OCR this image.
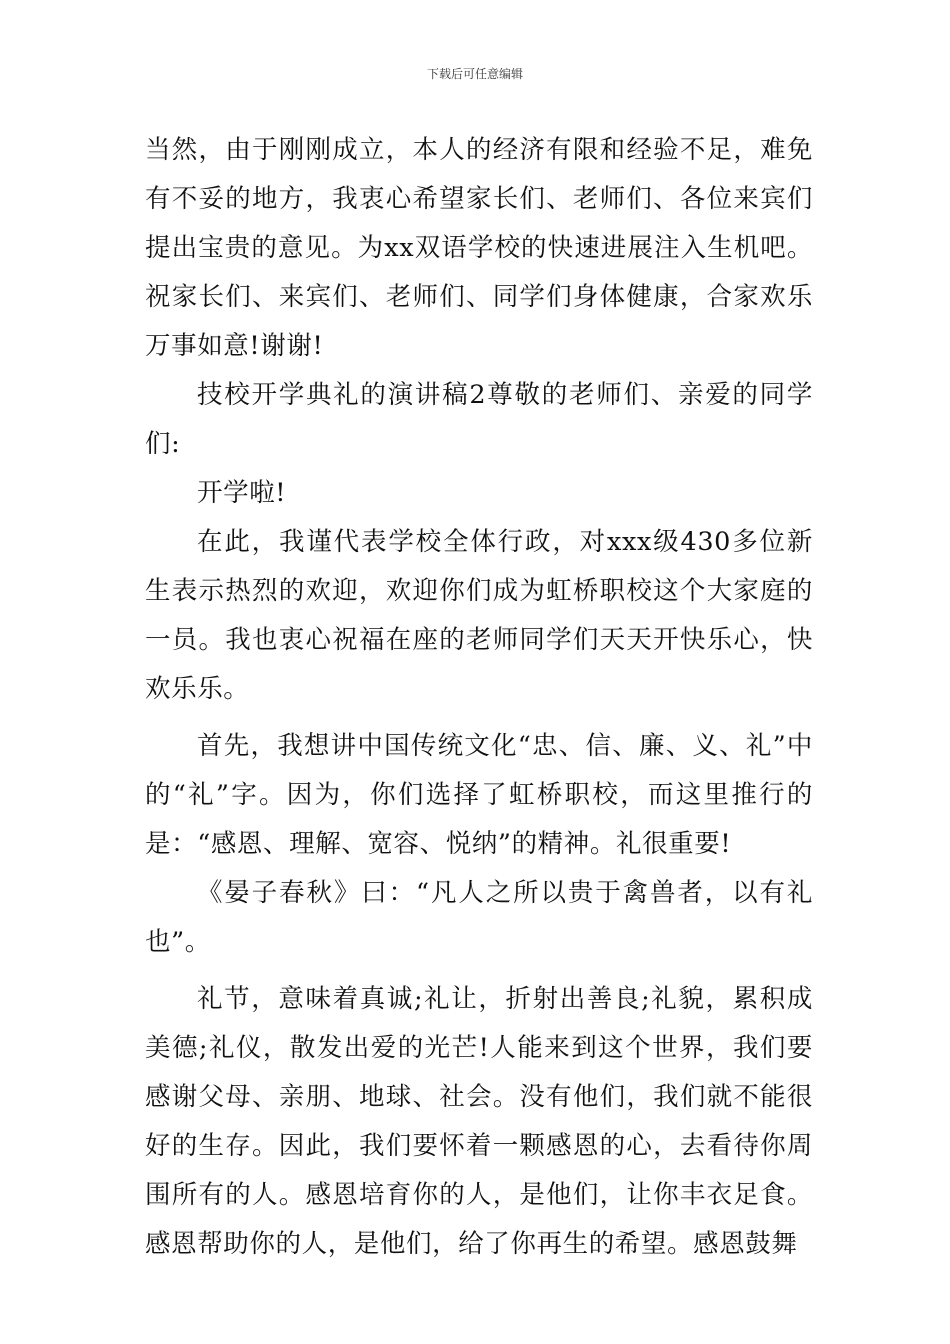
下载后可任意编辑

当然，由于刚刚成立，本人的经济有限和经验不足，难免有不妥的地方，我衷心希望家长们、老师们、各位来宾们提出宝贵的意见。为xx双语学校的快速进展注入生机吧。祝家长们、来宾们、老师们、同学们身体健康，合家欢乐万事如意!谢谢!

技校开学典礼的演讲稿2尊敬的老师们、亲爱的同学们:

开学啦!

在此，我谨代表学校全体行政，对xxx级430多位新生表示热烈的欢迎，欢迎你们成为虹桥职校这个大家庭的一员。我也衷心祝福在座的老师同学们天天开快乐心，快欢乐乐。

首先，我想讲中国传统文化“忠、信、廉、义、礼”中的“礼”字。因为，你们选择了虹桥职校，而这里推行的是：“感恩、理解、宽容、悦纳”的精神。礼很重要!

《晏子春秋》曰：“凡人之所以贵于禽兽者，以有礼也”。

礼节，意味着真诚;礼让，折射出善良;礼貌，累积成美德;礼仪，散发出爱的光芒!人能来到这个世界，我们要感谢父母、亲朋、地球、社会。没有他们，我们就不能很好的生存。因此，我们要怀着一颗感恩的心，去看待你周围所有的人。感恩培育你的人，是他们，让你丰衣足食。感恩帮助你的人，是他们，给了你再生的希望。感恩鼓舞
